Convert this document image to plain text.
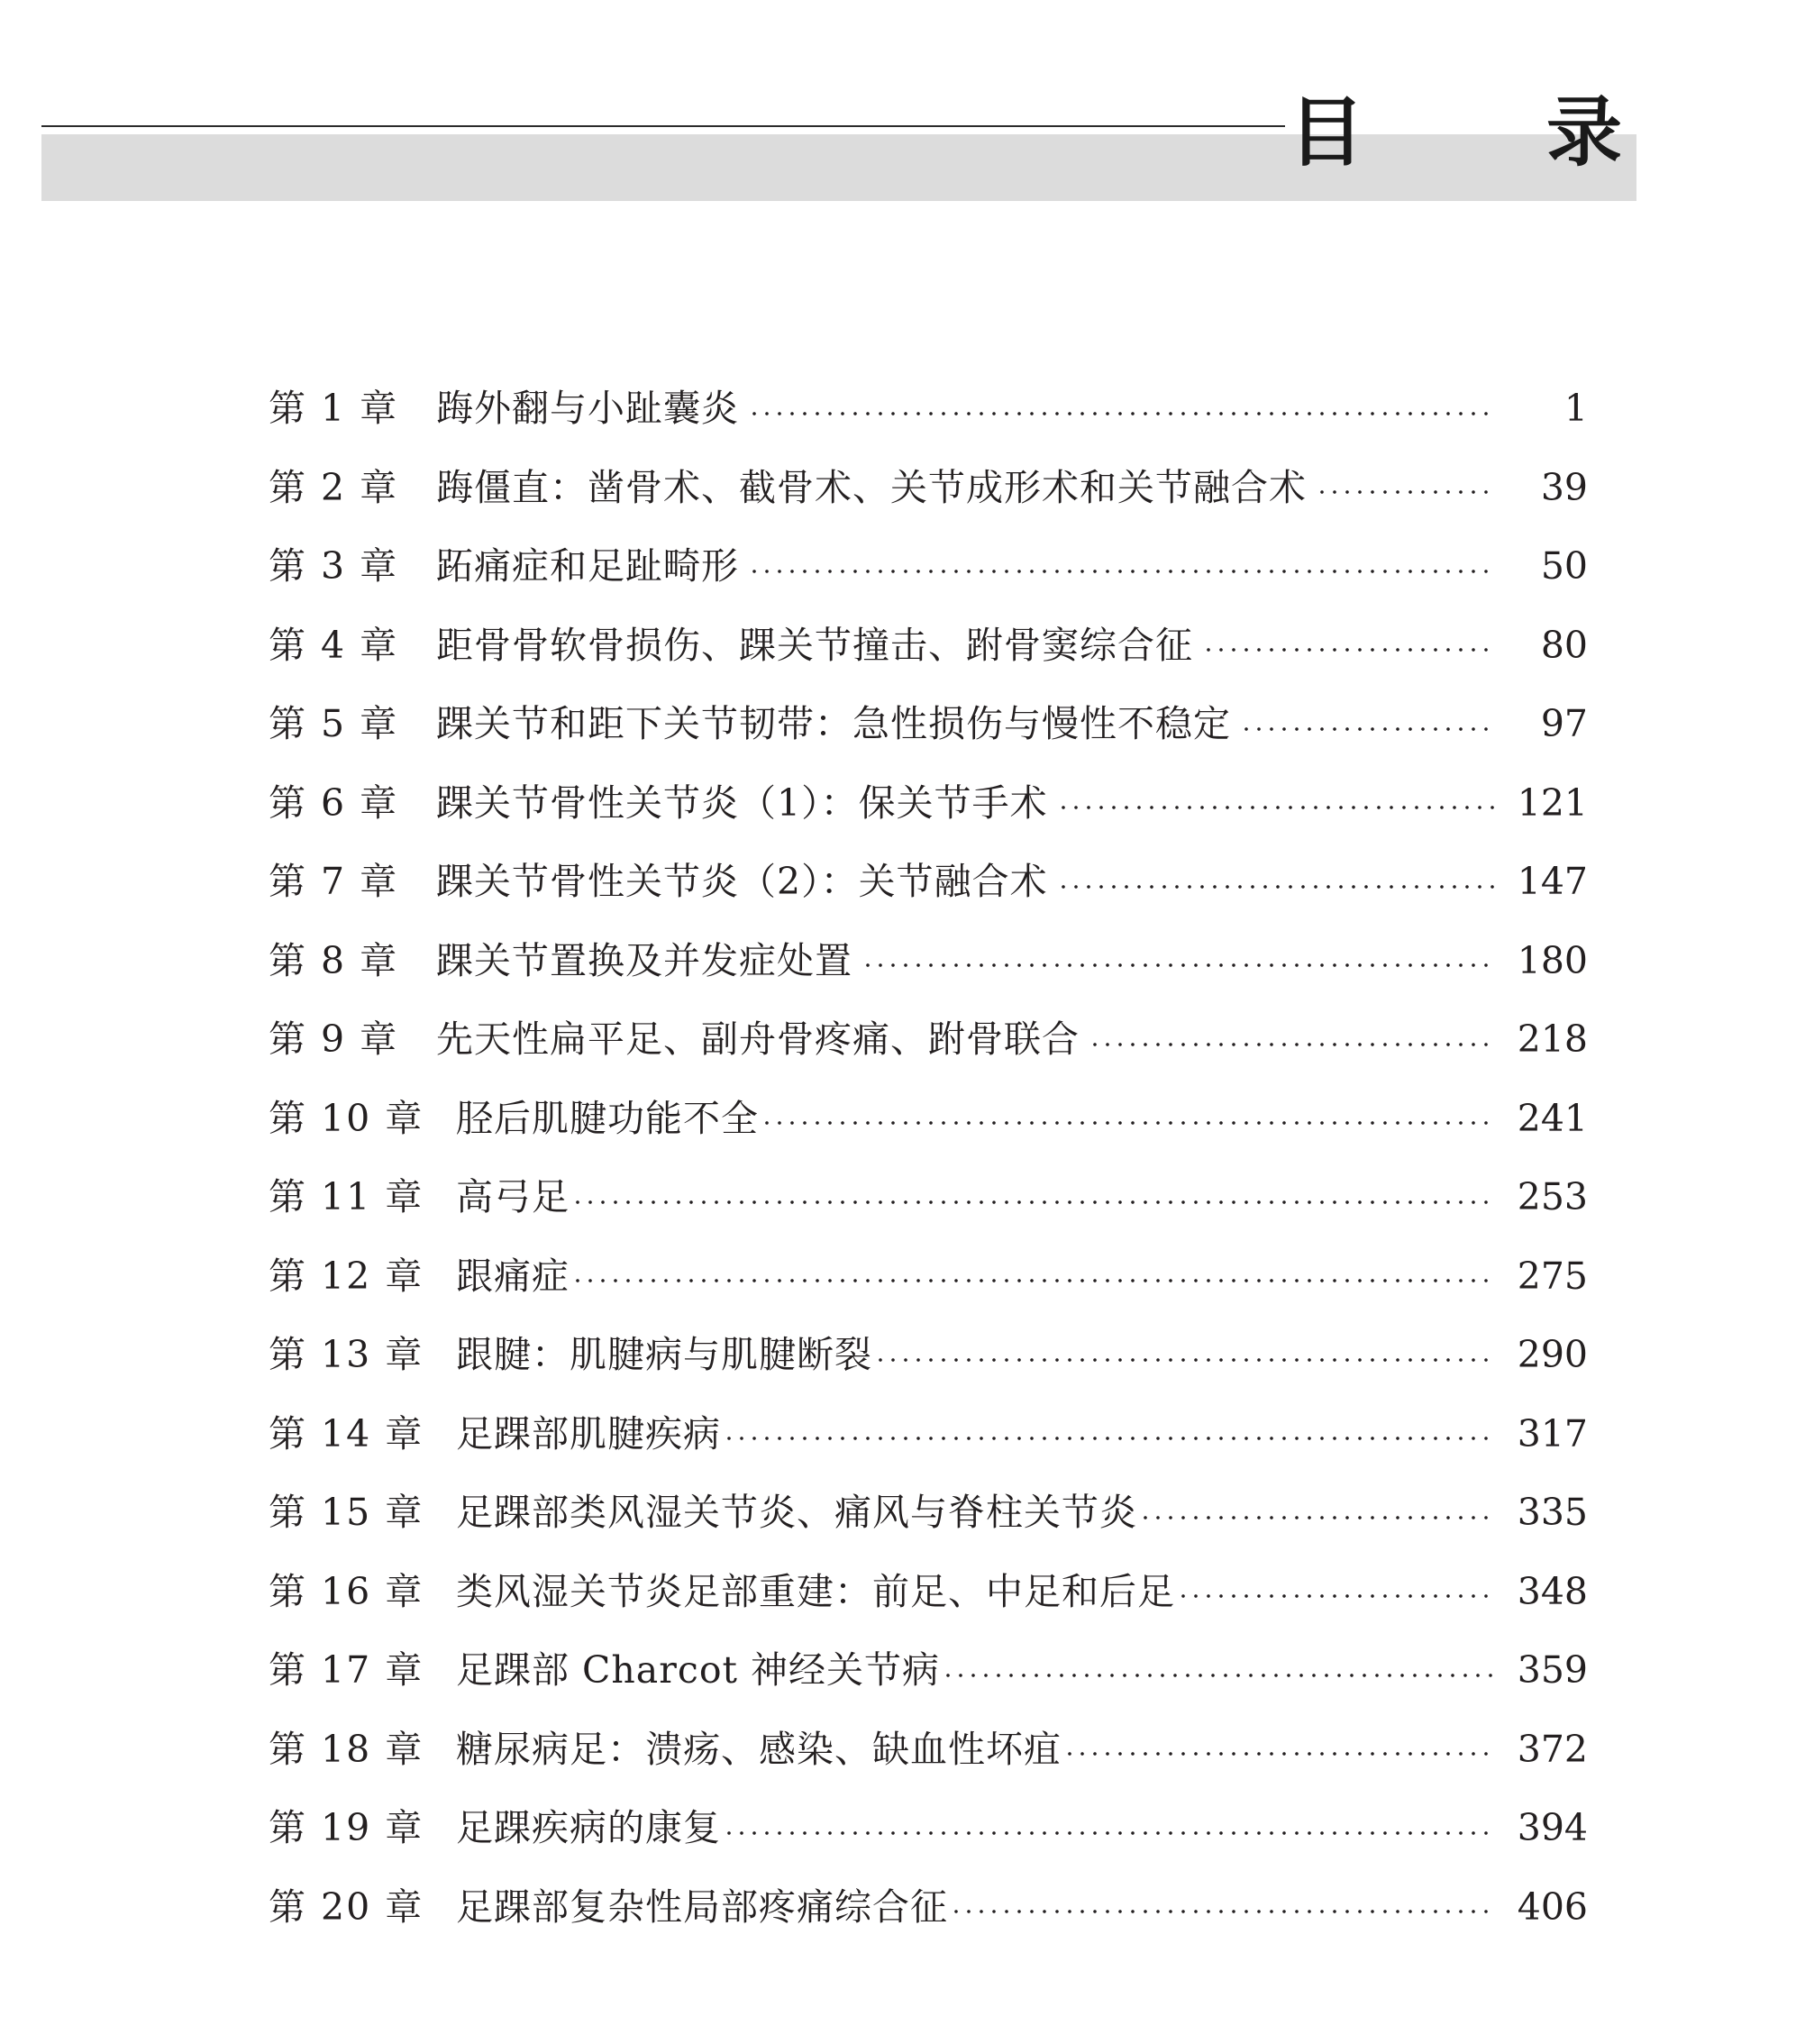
目 录
第 1 章	踇外翻与小趾囊炎	1
第 2 章	踇僵直：凿骨术、截骨术、关节成形术和关节融合术	39
第 3 章	跖痛症和足趾畸形	50
第 4 章	距骨骨软骨损伤、踝关节撞击、跗骨窦综合征	80
第 5 章	踝关节和距下关节韧带：急性损伤与慢性不稳定	97
第 6 章	踝关节骨性关节炎（1）：保关节手术	121
第 7 章	踝关节骨性关节炎（2）：关节融合术	147
第 8 章	踝关节置换及并发症处置	180
第 9 章	先天性扁平足、副舟骨疼痛、跗骨联合	218
第 10 章 胫后肌腱功能不全	241
第 11 章 高弓足	253
第 12 章 跟痛症	275
第 13 章 跟腱：肌腱病与肌腱断裂	290
第 14 章 足踝部肌腱疾病	317
第 15 章 足踝部类风湿关节炎、痛风与脊柱关节炎	335
第 16 章 类风湿关节炎足部重建：前足、中足和后足	348
第 17 章 足踝部 Charcot 神经关节病	359
第 18 章 糖尿病足：溃疡、感染、缺血性坏疽	372
第 19 章 足踝疾病的康复	394
第 20 章 足踝部复杂性局部疼痛综合征	406
